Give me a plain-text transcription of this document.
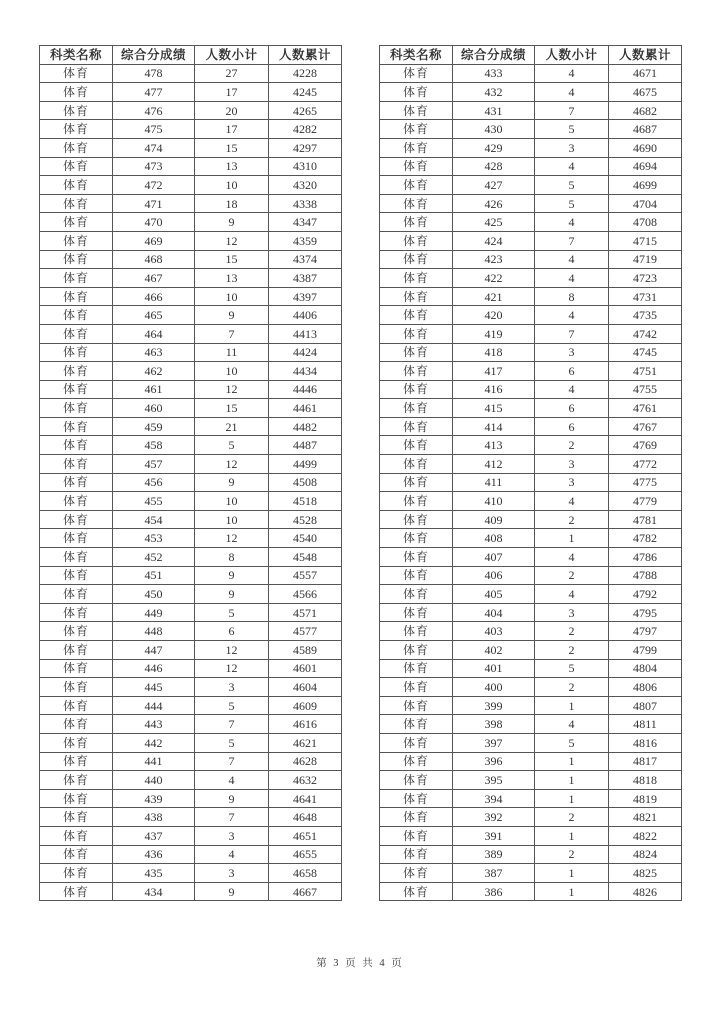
科类名称	综合分成绩	人数小计	人数累计
体育	478	27	4228
体育	477	17	4245
体育	476	20	4265
体育	475	17	4282
体育	474	15	4297
体育	473	13	4310
体育	472	10	4320
体育	471	18	4338
体育	470	9	4347
体育	469	12	4359
体育	468	15	4374
体育	467	13	4387
体育	466	10	4397
体育	465	9	4406
体育	464	7	4413
体育	463	11	4424
体育	462	10	4434
体育	461	12	4446
体育	460	15	4461
体育	459	21	4482
体育	458	5	4487
体育	457	12	4499
体育	456	9	4508
体育	455	10	4518
体育	454	10	4528
体育	453	12	4540
体育	452	8	4548
体育	451	9	4557
体育	450	9	4566
体育	449	5	4571
体育	448	6	4577
体育	447	12	4589
体育	446	12	4601
体育	445	3	4604
体育	444	5	4609
体育	443	7	4616
体育	442	5	4621
体育	441	7	4628
体育	440	4	4632
体育	439	9	4641
体育	438	7	4648
体育	437	3	4651
体育	436	4	4655
体育	435	3	4658
体育	434	9	4667
科类名称	综合分成绩	人数小计	人数累计
体育	433	4	4671
体育	432	4	4675
体育	431	7	4682
体育	430	5	4687
体育	429	3	4690
体育	428	4	4694
体育	427	5	4699
体育	426	5	4704
体育	425	4	4708
体育	424	7	4715
体育	423	4	4719
体育	422	4	4723
体育	421	8	4731
体育	420	4	4735
体育	419	7	4742
体育	418	3	4745
体育	417	6	4751
体育	416	4	4755
体育	415	6	4761
体育	414	6	4767
体育	413	2	4769
体育	412	3	4772
体育	411	3	4775
体育	410	4	4779
体育	409	2	4781
体育	408	1	4782
体育	407	4	4786
体育	406	2	4788
体育	405	4	4792
体育	404	3	4795
体育	403	2	4797
体育	402	2	4799
体育	401	5	4804
体育	400	2	4806
体育	399	1	4807
体育	398	4	4811
体育	397	5	4816
体育	396	1	4817
体育	395	1	4818
体育	394	1	4819
体育	392	2	4821
体育	391	1	4822
体育	389	2	4824
体育	387	1	4825
体育	386	1	4826
第 3 页 共 4 页
